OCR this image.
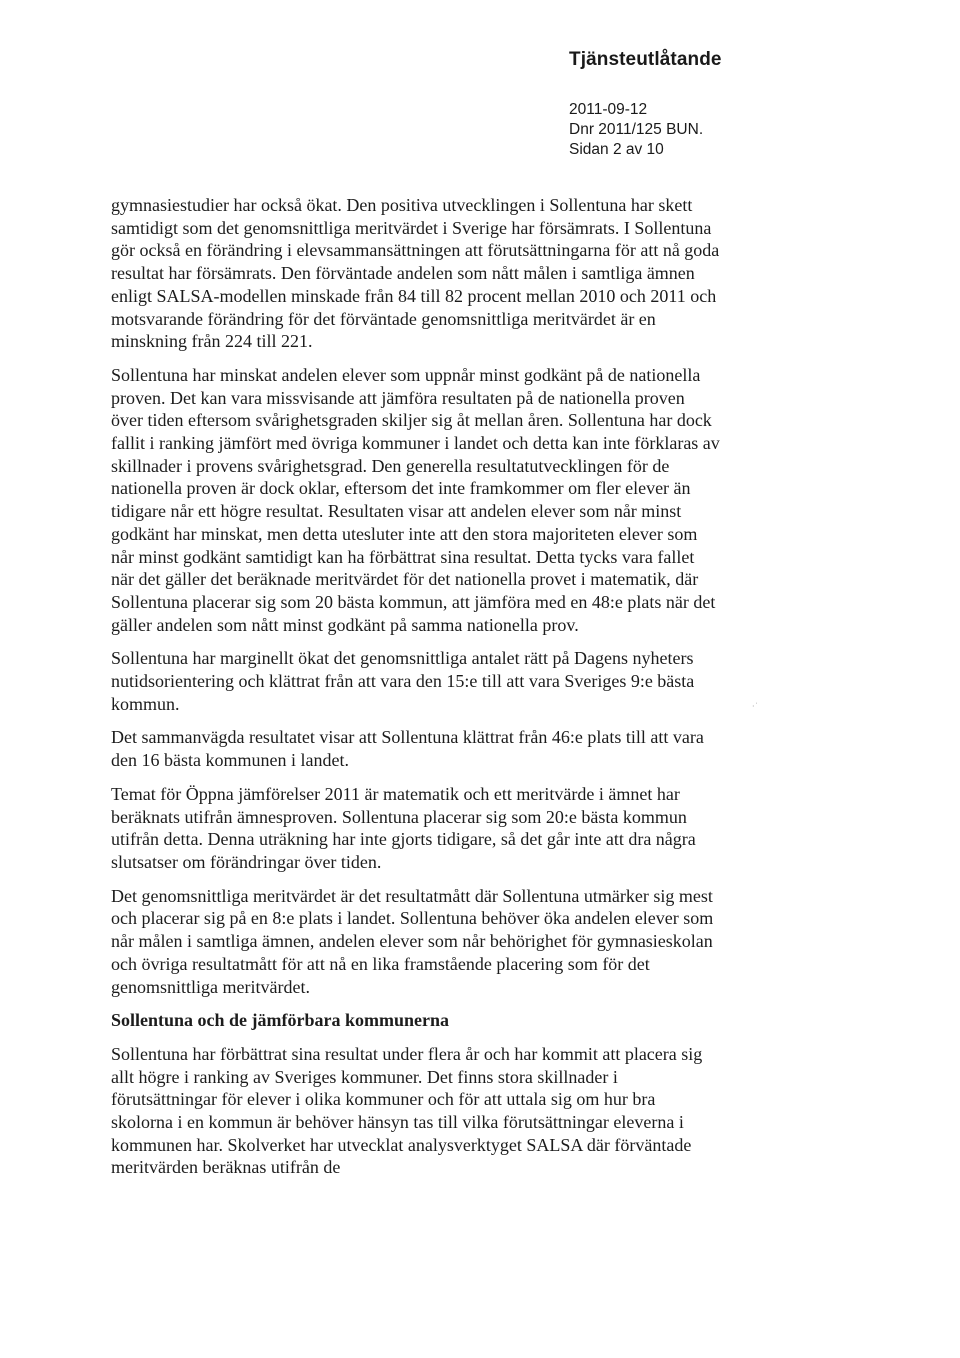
Tjänsteutlåtande
2011-09-12
Dnr 2011/125 BUN.
Sidan 2 av 10

gymnasiestudier har också ökat. Den positiva utvecklingen i Sollentuna har skett samtidigt som det genomsnittliga meritvärdet i Sverige har försämrats. I Sollentuna gör också en förändring i elevsammansättningen att förutsättningarna för att nå goda resultat har försämrats. Den förväntade andelen som nått målen i samtliga ämnen enligt SALSA-modellen minskade från 84 till 82 procent mellan 2010 och 2011 och motsvarande förändring för det förväntade genomsnittliga meritvärdet är en minskning från 224 till 221.

Sollentuna har minskat andelen elever som uppnår minst godkänt på de nationella proven. Det kan vara missvisande att jämföra resultaten på de nationella proven över tiden eftersom svårighetsgraden skiljer sig åt mellan åren. Sollentuna har dock fallit i ranking jämfört med övriga kommuner i landet och detta kan inte förklaras av skillnader i provens svårighetsgrad. Den generella resultatutvecklingen för de nationella proven är dock oklar, eftersom det inte framkommer om fler elever än tidigare når ett högre resultat. Resultaten visar att andelen elever som når minst godkänt har minskat, men detta utesluter inte att den stora majoriteten elever som når minst godkänt samtidigt kan ha förbättrat sina resultat. Detta tycks vara fallet när det gäller det beräknade meritvärdet för det nationella provet i matematik, där Sollentuna placerar sig som 20 bästa kommun, att jämföra med en 48:e plats när det gäller andelen som nått minst godkänt på samma nationella prov.

Sollentuna har marginellt ökat det genomsnittliga antalet rätt på Dagens nyheters nutidsorientering och klättrat från att vara den 15:e till att vara Sveriges 9:e bästa kommun.

Det sammanvägda resultatet visar att Sollentuna klättrat från 46:e plats till att vara den 16 bästa kommunen i landet.

Temat för Öppna jämförelser 2011 är matematik och ett meritvärde i ämnet har beräknats utifrån ämnesproven. Sollentuna placerar sig som 20:e bästa kommun utifrån detta. Denna uträkning har inte gjorts tidigare, så det går inte att dra några slutsatser om förändringar över tiden.

Det genomsnittliga meritvärdet är det resultatmått där Sollentuna utmärker sig mest och placerar sig på en 8:e plats i landet. Sollentuna behöver öka andelen elever som når målen i samtliga ämnen, andelen elever som når behörighet för gymnasieskolan och övriga resultatmått för att nå en lika framstående placering som för det genomsnittliga meritvärdet.

Sollentuna och de jämförbara kommunerna

Sollentuna har förbättrat sina resultat under flera år och har kommit att placera sig allt högre i ranking av Sveriges kommuner. Det finns stora skillnader i förutsättningar för elever i olika kommuner och för att uttala sig om hur bra skolorna i en kommun är behöver hänsyn tas till vilka förutsättningar eleverna i kommunen har. Skolverket har utvecklat analysverktyget SALSA där förväntade meritvärden beräknas utifrån de

·˙
